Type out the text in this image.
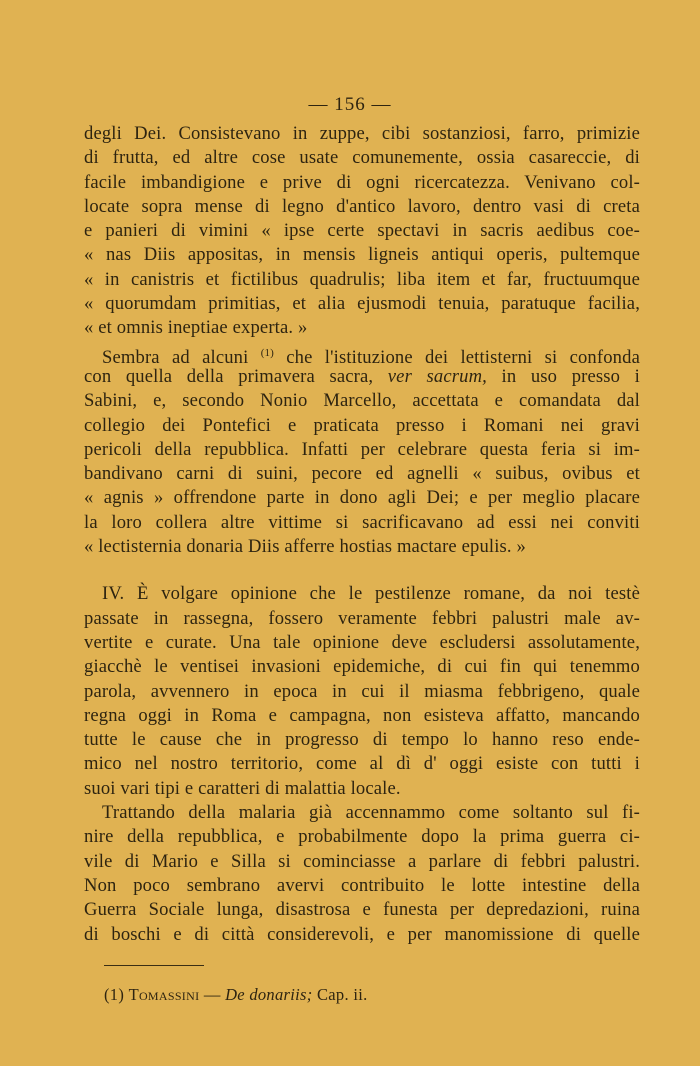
— 156 —
degli Dei. Consistevano in zuppe, cibi sostanziosi, farro, primizie
di frutta, ed altre cose usate comunemente, ossia casareccie, di
facile imbandigione e prive di ogni ricercatezza. Venivano col-
locate sopra mense di legno d'antico lavoro, dentro vasi di creta
e panieri di vimini « ipse certe spectavi in sacris aedibus coe-
« nas Diis appositas, in mensis ligneis antiqui operis, pultemque
« in canistris et fictilibus quadrulis; liba item et far, fructuumque
« quorumdam primitias, et alia ejusmodi tenuia, paratuque facilia,
« et omnis ineptiae experta. »
Sembra ad alcuni $^{(1)}$ che l'istituzione dei lettisterni si confonda
con quella della primavera sacra, ver sacrum, in uso presso i
Sabini, e, secondo Nonio Marcello, accettata e comandata dal
collegio dei Pontefici e praticata presso i Romani nei gravi
pericoli della repubblica. Infatti per celebrare questa feria si im-
bandivano carni di suini, pecore ed agnelli « suibus, ovibus et
« agnis » offrendone parte in dono agli Dei; e per meglio placare
la loro collera altre vittime si sacrificavano ad essi nei conviti
« lectisternia donaria Diis afferre hostias mactare epulis. »
IV. È volgare opinione che le pestilenze romane, da noi testè
passate in rassegna, fossero veramente febbri palustri male av-
vertite e curate. Una tale opinione deve escludersi assolutamente,
giacchè le ventisei invasioni epidemiche, di cui fin qui tenemmo
parola, avvennero in epoca in cui il miasma febbrigeno, quale
regna oggi in Roma e campagna, non esisteva affatto, mancando
tutte le cause che in progresso di tempo lo hanno reso ende-
mico nel nostro territorio, come al dì d' oggi esiste con tutti i
suoi vari tipi e caratteri di malattia locale.
Trattando della malaria già accennammo come soltanto sul fi-
nire della repubblica, e probabilmente dopo la prima guerra ci-
vile di Mario e Silla si cominciasse a parlare di febbri palustri.
Non poco sembrano avervi contribuito le lotte intestine della
Guerra Sociale lunga, disastrosa e funesta per depredazioni, ruina
di boschi e di città considerevoli, e per manomissione di quelle
(1) Tomassini — De donariis; Cap. ii.
